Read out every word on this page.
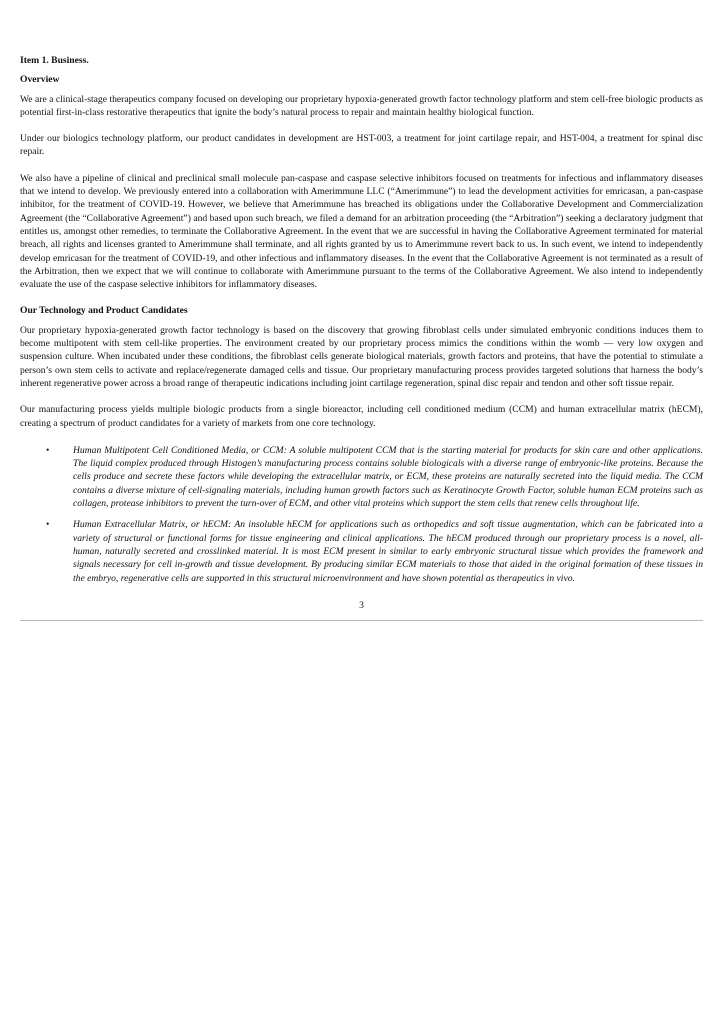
Item 1. Business.
Overview

We are a clinical-stage therapeutics company focused on developing our proprietary hypoxia-generated growth factor technology platform and stem cell-free biologic products as potential first-in-class restorative therapeutics that ignite the body’s natural process to repair and maintain healthy biological function.

Under our biologics technology platform, our product candidates in development are HST-003, a treatment for joint cartilage repair, and HST-004, a treatment for spinal disc repair.

We also have a pipeline of clinical and preclinical small molecule pan-caspase and caspase selective inhibitors focused on treatments for infectious and inflammatory diseases that we intend to develop. We previously entered into a collaboration with Amerimmune LLC (“Amerimmune”) to lead the development activities for emricasan, a pan-caspase inhibitor, for the treatment of COVID-19. However, we believe that Amerimmune has breached its obligations under the Collaborative Development and Commercialization Agreement (the “Collaborative Agreement”) and based upon such breach, we filed a demand for an arbitration proceeding (the “Arbitration”) seeking a declaratory judgment that entitles us, amongst other remedies, to terminate the Collaborative Agreement. In the event that we are successful in having the Collaborative Agreement terminated for material breach, all rights and licenses granted to Amerimmune shall terminate, and all rights granted by us to Amerimmune revert back to us. In such event, we intend to independently develop emricasan for the treatment of COVID-19, and other infectious and inflammatory diseases. In the event that the Collaborative Agreement is not terminated as a result of the Arbitration, then we expect that we will continue to collaborate with Amerimmune pursuant to the terms of the Collaborative Agreement. We also intend to independently evaluate the use of the caspase selective inhibitors for inflammatory diseases.

Our Technology and Product Candidates

Our proprietary hypoxia-generated growth factor technology is based on the discovery that growing fibroblast cells under simulated embryonic conditions induces them to become multipotent with stem cell-like properties. The environment created by our proprietary process mimics the conditions within the womb — very low oxygen and suspension culture. When incubated under these conditions, the fibroblast cells generate biological materials, growth factors and proteins, that have the potential to stimulate a person’s own stem cells to activate and replace/regenerate damaged cells and tissue. Our proprietary manufacturing process provides targeted solutions that harness the body’s inherent regenerative power across a broad range of therapeutic indications including joint cartilage regeneration, spinal disc repair and tendon and other soft tissue repair.

Our manufacturing process yields multiple biologic products from a single bioreactor, including cell conditioned medium (CCM) and human extracellular matrix (hECM), creating a spectrum of product candidates for a variety of markets from one core technology.

• Human Multipotent Cell Conditioned Media, or CCM: A soluble multipotent CCM that is the starting material for products for skin care and other applications. The liquid complex produced through Histogen’s manufacturing process contains soluble biologicals with a diverse range of embryonic-like proteins. Because the cells produce and secrete these factors while developing the extracellular matrix, or ECM, these proteins are naturally secreted into the liquid media. The CCM contains a diverse mixture of cell-signaling materials, including human growth factors such as Keratinocyte Growth Factor, soluble human ECM proteins such as collagen, protease inhibitors to prevent the turn-over of ECM, and other vital proteins which support the stem cells that renew cells throughout life.
• Human Extracellular Matrix, or hECM: An insoluble hECM for applications such as orthopedics and soft tissue augmentation, which can be fabricated into a variety of structural or functional forms for tissue engineering and clinical applications. The hECM produced through our proprietary process is a novel, all-human, naturally secreted and crosslinked material. It is most ECM present in similar to early embryonic structural tissue which provides the framework and signals necessary for cell in-growth and tissue development. By producing similar ECM materials to those that aided in the original formation of these tissues in the embryo, regenerative cells are supported in this structural microenvironment and have shown potential as therapeutics in vivo.
3
